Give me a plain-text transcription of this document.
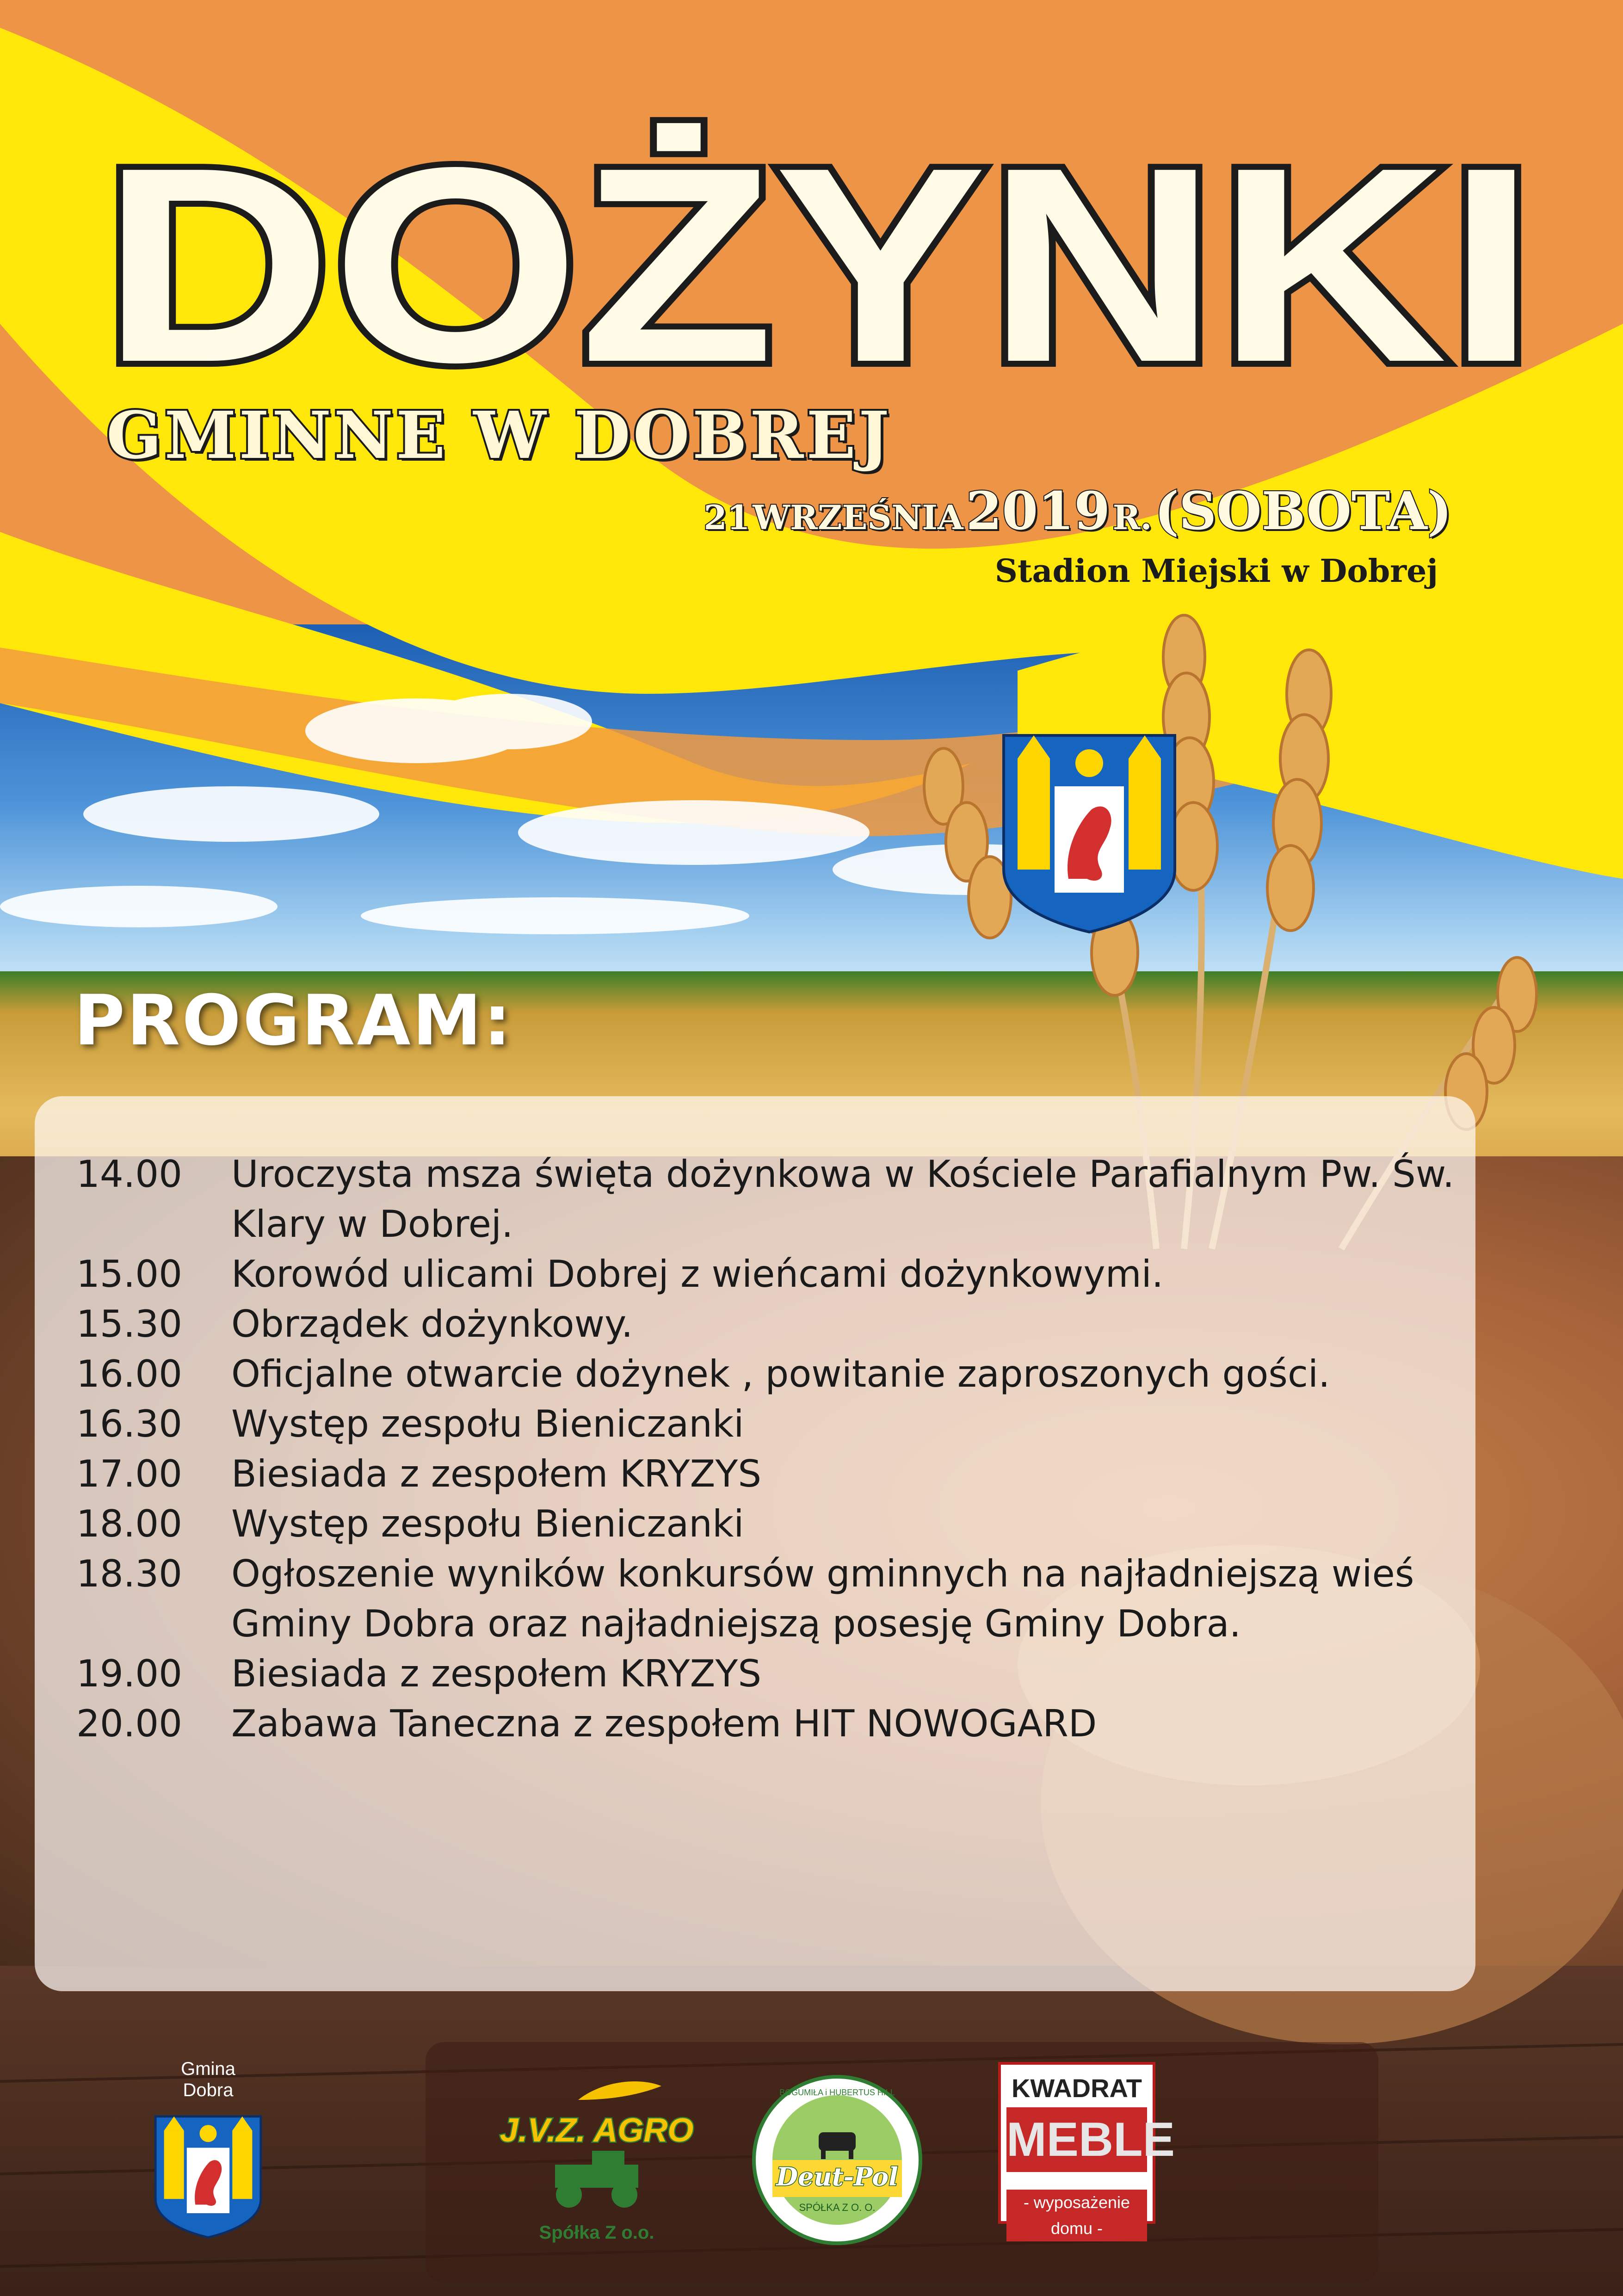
DOŻYNKI
GMINNE W DOBREJ
21 WRZEŚNIA 2019 R. (SOBOTA)
Stadion Miejski w Dobrej
PROGRAM:
14.00	Uroczysta msza święta dożynkowa w Kościele Parafialnym Pw. Św. Klary w Dobrej.
15.00	Korowód ulicami Dobrej z wieńcami dożynkowymi.
15.30	Obrządek dożynkowy.
16.00	Oficjalne otwarcie dożynek , powitanie zaproszonych gości.
16.30	Występ zespołu Bieniczanki
17.00	Biesiada z zespołem KRYZYS
18.00	Występ zespołu Bieniczanki
18.30	Ogłoszenie wyników konkursów gminnych na najładniejszą wieś Gminy Dobra oraz najładniejszą posesję Gminy Dobra.
19.00	Biesiada z zespołem KRYZYS
20.00	Zabawa Taneczna z zespołem HIT NOWOGARD
Gmina
Dobra
J.V.Z. AGRO
Spółka Z o.o.
BOGUMIŁA i HUBERTUS HILL
Deut-Pol
SPÓŁKA Z O. O.
KWADRAT
MEBLE
- wyposażenie domu -
